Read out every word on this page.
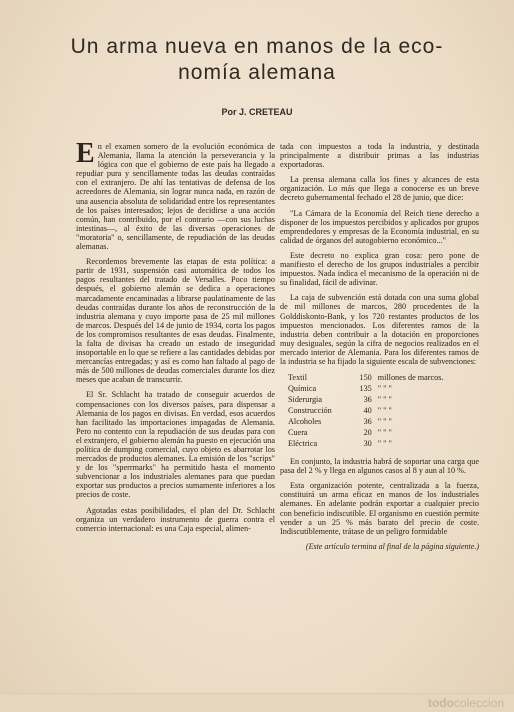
Un arma nueva en manos de la eco-
nomía alemana
Por J. CRETEAU

En el examen somero de la evolución económica de Alemania, llama la atención la perseverancia y la lógica con que el gobierno de este país ha llegado a repudiar pura y sencillamente todas las deudas contraídas con el extranjero. De ahí las tentativas de defensa de los acreedores de Alemania, sin lograr nunca nada, en razón de una ausencia absoluta de solidaridad entre los representantes de los países interesados; lejos de decidirse a una acción común, han contribuido, por el contrario —con sus luchas intestinas—, al éxito de las diversas operaciones de "moratoria" o, sencillamente, de repudiación de las deudas alemanas.

Recordemos brevemente las etapas de esta política: a partir de 1931, suspensión casi automática de todos los pagos resultantes del tratado de Versalles. Poco tiempo después, el gobierno alemán se dedica a operaciones marcadamente encaminadas a librarse paulatinamente de las deudas contraídas durante los años de reconstrucción de la industria alemana y cuyo importe pasa de 25 mil millones de marcos. Después del 14 de junio de 1934, corta los pagos de los compromisos resultantes de esas deudas. Finalmente, la falta de divisas ha creado un estado de inseguridad insoportable en lo que se refiere a las cantidades debidas por mercancías entregadas; y así es como han faltado al pago de más de 500 millones de deudas comerciales durante los diez meses que acaban de transcurrir.

El Sr. Schlacht ha tratado de conseguir acuerdos de compensaciones con los diversos países, para dispensar a Alemania de los pagos en divisas. En verdad, esos acuerdos han facilitado las importaciones impagadas de Alemania. Pero no contento con la repudiación de sus deudas para con el extranjero, el gobierno alemán ha puesto en ejecución una política de dumping comercial, cuyo objeto es abarrotar los mercados de productos alemanes. La emisión de los "scrips" y de los "sperrmarks" ha permitido hasta el momento subvencionar a los industriales alemanes para que puedan exportar sus productos a precios sumamente inferiores a los precios de coste.

Agotadas estas posibilidades, el plan del Dr. Schlacht organiza un verdadero instrumento de guerra contra el comercio internacional: es una Caja especial, alimen-

tada con impuestos a toda la industria, y destinada principalmente a distribuir primas a las industrias exportadoras.

La prensa alemana calla los fines y alcances de esta organización. Lo más que llega a conocerse es un breve decreto gubernamental fechado el 28 de junio, que dice:

"La Cámara de la Economía del Reich tiene derecho a disponer de los impuestos percibidos y aplicados por grupos emprendedores y empresas de la Economía industrial, en su calidad de órganos del autogobierno económico..."

Este decreto no explica gran cosa: pero pone de manifiesto el derecho de los grupos industriales a percibir impuestos. Nada indica el mecanismo de la operación ni de su finalidad, fácil de adivinar.

La caja de subvención está dotada con una suma global de mil millones de marcos, 280 procedentes de la Golddiskonto-Bank, y los 720 restantes productos de los impuestos mencionados. Los diferentes ramos de la industria deben contribuir a la dotación en proporciones muy desiguales, según la cifra de negocios realizados en el mercado interior de Alemania. Para los diferentes ramos de la industria se ha fijado la siguiente escala de subvenciones:

Textil	150	millones de marcos.
Química	135	" " "
Siderurgia	36	" " "
Construcción	40	" " "
Alcoholes	36	" " "
Cuera	20	" " "
Eléctrica	30	" " "

En conjunto, la industria habrá de soportar una carga que pasa del 2 % y llega en algunos casos al 8 y aun al 10 %.

Esta organización potente, centralizada a la fuerza, constituirá un arma eficaz en manos de los industriales alemanes. En adelante podrán exportar a cualquier precio con beneficio indiscutible. El organismo en cuestión permite vender a un 25 % más barato del precio de coste. Indiscutiblemente, trátase de un peligro formidable

(Este artículo termina al final de la página siguiente.)
todocoleccion
